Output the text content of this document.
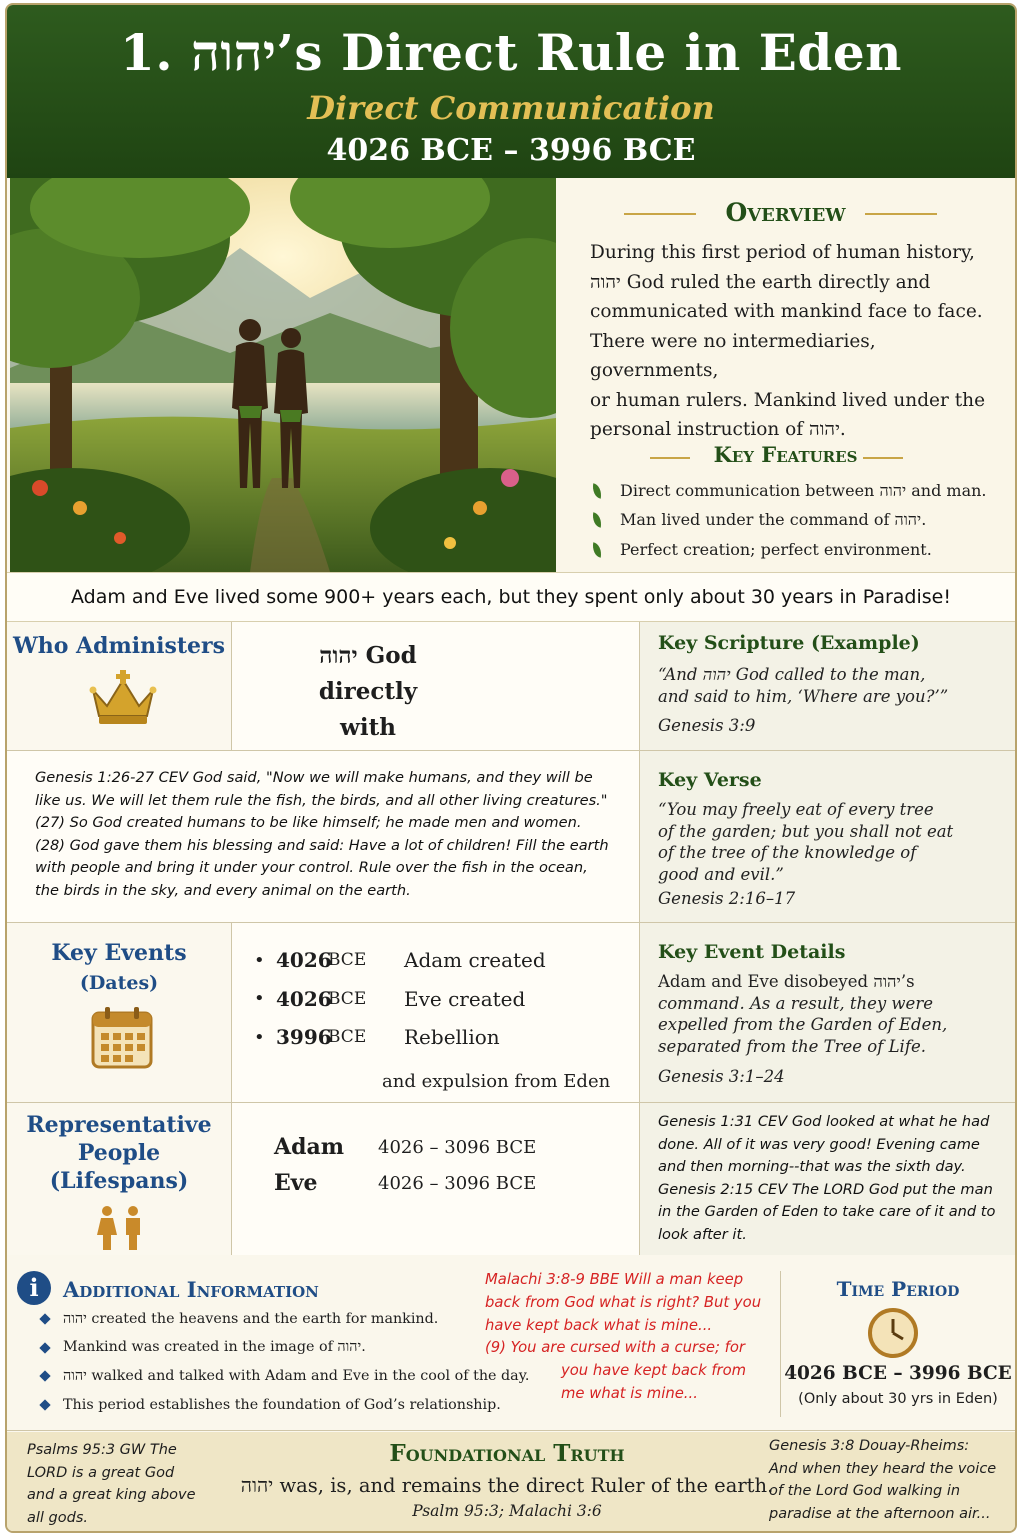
1. יהוה’s Direct Rule in Eden
Direct Communication
4026 BCE – 3996 BCE
Overview
During this first period of human history,
יהוה God ruled the earth directly and
communicated with mankind face to face.
There were no intermediaries, governments,
or human rulers. Mankind lived under the
personal instruction of יהוה.
Key Features
Direct communication between יהוה and man.
Man lived under the command of יהוה.
Perfect creation; perfect environment.
Adam and Eve lived some 900+ years each, but they spent only about 30 years in Paradise!
Who Administers	יהוה God directly
with
Key Scripture (Example)
“And יהוה God called to the man,
and said to him, ‘Where are you?’”
Genesis 3:9
Genesis 1:26-27 CEV God said, "Now we will make humans, and they will be
like us. We will let them rule the fish, the birds, and all other living creatures."
(27) So God created humans to be like himself; he made men and women.
(28) God gave them his blessing and said: Have a lot of children! Fill the earth
with people and bring it under your control. Rule over the fish in the ocean,
the birds in the sky, and every animal on the earth.
Key Verse
“You may freely eat of every tree
of the garden; but you shall not eat
of the tree of the knowledge of
good and evil.”
Genesis 2:16–17
Key Events
(Dates)
• 4026
BCE	Adam created
• 4026
BCE	Eve created
• 3996
BCE	Rebellion
and expulsion from Eden
Key Event Details
Adam and Eve disobeyed יהוה’s
command. As a result, they were
expelled from the Garden of Eden,
separated from the Tree of Life.
Genesis 3:1–24
Representative
People
(Lifespans)
Adam	4026 – 3096 BCE
Eve	4026 – 3096 BCE
Genesis 1:31 CEV God looked at what he had
done. All of it was very good! Evening came
and then morning--that was the sixth day.
Genesis 2:15 CEV The LORD God put the man
in the Garden of Eden to take care of it and to
look after it.
i	Additional Information
יהוה created the heavens and the earth for mankind.
Mankind was created in the image of יהוה.
יהוה walked and talked with Adam and Eve in the cool of the day.
This period establishes the foundation of God’s relationship.
Malachi 3:8-9 BBE Will a man keep
back from God what is right? But you
have kept back what is mine...
(9) You are cursed with a curse; for
you have kept back from
me what is mine...
Time Period
4026 BCE – 3996 BCE
(Only about 30 yrs in Eden)
Psalms 95:3 GW The
LORD is a great God
and a great king above
all gods.
Foundational Truth
יהוה was, is, and remains the direct Ruler of the earth.
Psalm 95:3; Malachi 3:6
Genesis 3:8 Douay-Rheims:
And when they heard the voice
of the Lord God walking in
paradise at the afternoon air...
